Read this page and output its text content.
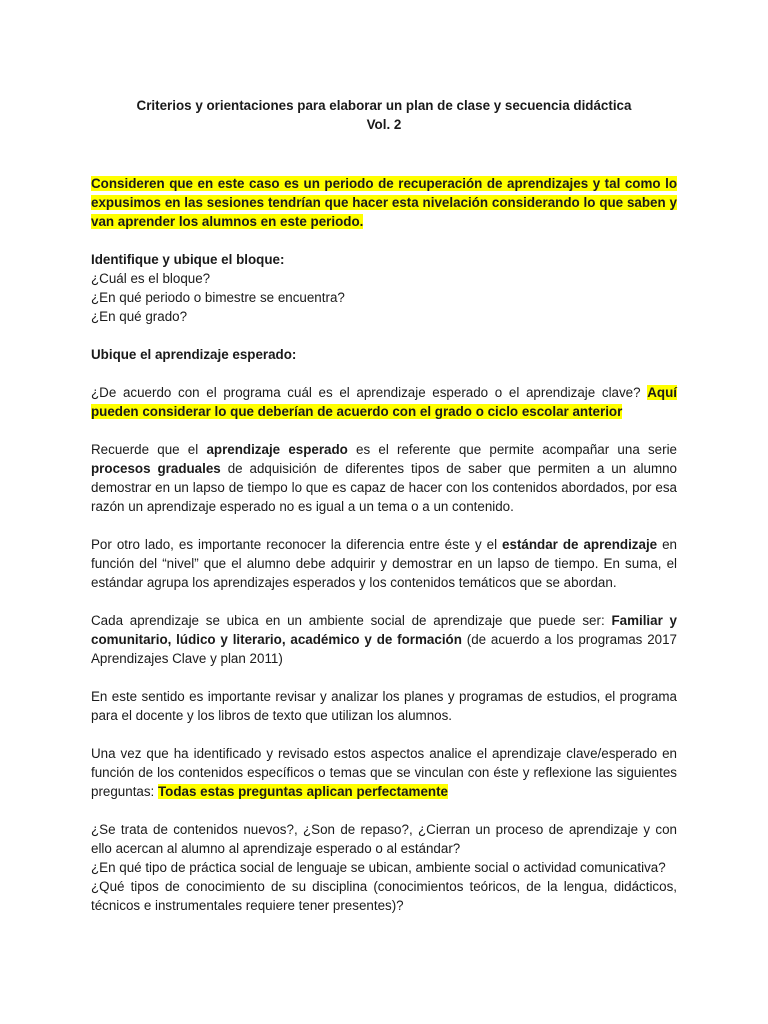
Criterios y orientaciones para elaborar un plan de clase y secuencia didáctica
Vol. 2

Consideren que en este caso es un periodo de recuperación de aprendizajes y tal como lo expusimos en las sesiones tendrían que hacer esta nivelación considerando lo que saben y van aprender los alumnos en este periodo.

Identifique y ubique el bloque:
¿Cuál es el bloque?
¿En qué periodo o bimestre se encuentra?
¿En qué grado?
Ubique el aprendizaje esperado:

¿De acuerdo con el programa cuál es el aprendizaje esperado o el aprendizaje clave? Aquí pueden considerar lo que deberían de acuerdo con el grado o ciclo escolar anterior

Recuerde que el aprendizaje esperado es el referente que permite acompañar una serie procesos graduales de adquisición de diferentes tipos de saber que permiten a un alumno demostrar en un lapso de tiempo lo que es capaz de hacer con los contenidos abordados, por esa razón un aprendizaje esperado no es igual a un tema o a un contenido.

Por otro lado, es importante reconocer la diferencia entre éste y el estándar de aprendizaje en función del “nivel” que el alumno debe adquirir y demostrar en un lapso de tiempo. En suma, el estándar agrupa los aprendizajes esperados y los contenidos temáticos que se abordan.

Cada aprendizaje se ubica en un ambiente social de aprendizaje que puede ser: Familiar y comunitario, lúdico y literario, académico y de formación (de acuerdo a los programas 2017 Aprendizajes Clave y plan 2011)

En este sentido es importante revisar y analizar los planes y programas de estudios, el programa para el docente y los libros de texto que utilizan los alumnos.

Una vez que ha identificado y revisado estos aspectos analice el aprendizaje clave/esperado en función de los contenidos específicos o temas que se vinculan con éste y reflexione las siguientes preguntas: Todas estas preguntas aplican perfectamente

¿Se trata de contenidos nuevos?, ¿Son de repaso?, ¿Cierran un proceso de aprendizaje y con ello acercan al alumno al aprendizaje esperado o al estándar?

¿En qué tipo de práctica social de lenguaje se ubican, ambiente social o actividad comunicativa?

¿Qué tipos de conocimiento de su disciplina (conocimientos teóricos, de la lengua, didácticos, técnicos e instrumentales requiere tener presentes)?
